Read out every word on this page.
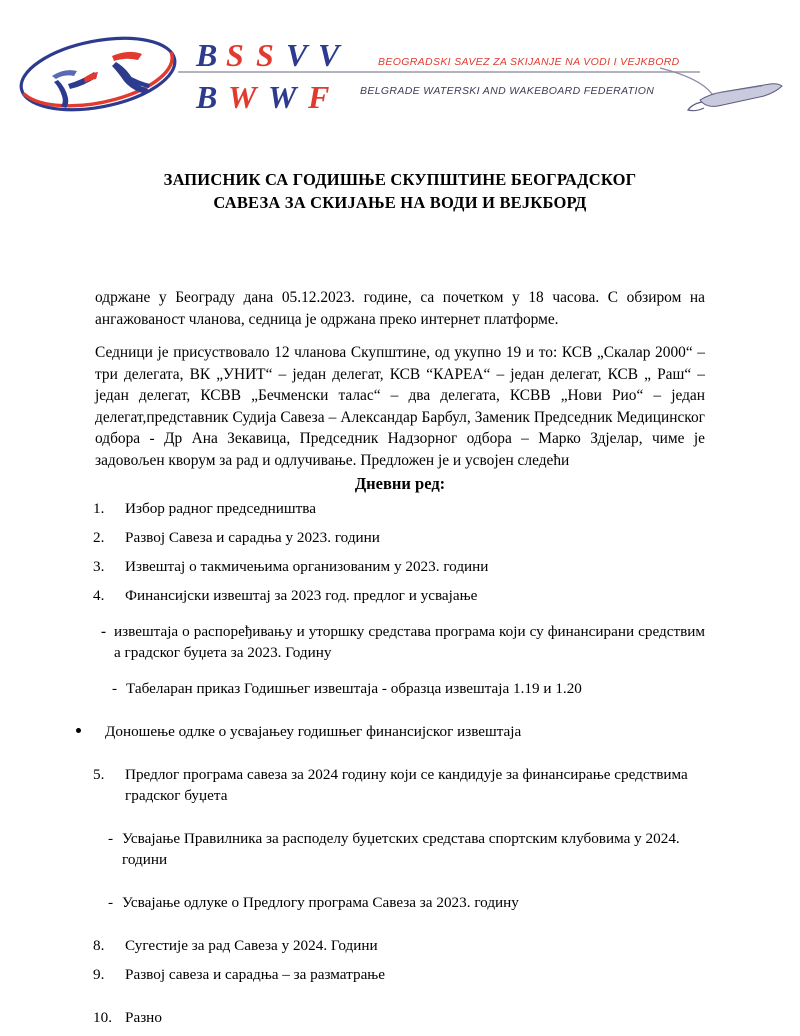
B S S V V
B W W F
BEOGRADSKI SAVEZ ZA SKIJANJE NA VODI I VEJKBORD
BELGRADE WATERSKI AND WAKEBOARD FEDERATION
ЗАПИСНИК СА ГОДИШЊЕ СКУПШТИНЕ БЕОГРАДСКОГ
САВЕЗА ЗА СКИЈАЊЕ НА ВОДИ И ВЕЈКБОРД

одржане у Београду дана 05.12.2023. године, са почетком у 18 часова. С обзиром на ангажованост чланова, седница је одржана преко интернет платформе.

Седници је присуствовало 12 чланова Скупштине, од укупно 19 и то: КСВ „Скалар 2000“ – три делегата, ВК „УНИТ“ – један делегат, КСВ “КАРЕА“ – један делегат, КСВ „ Раш“ – један делегат, КСВВ „Бечменски талас“ – два делегата, КСВВ „Нови Рио“ – један делегат,представник Судија Савеза – Александар Барбул, Заменик Председник Медицинског одбора - Др Ана Зекавица, Председник Надзорног одбора – Марко Здјелар, чиме је задовољен кворум за рад и одлучивање. Предложен је и усвојен следећи

Дневни ред:
1.	Избор радног председништва
2.	Развој Савеза и сарадња у 2023. години
3.	Извештај о такмичењима организованим у 2023. години
4.	Финансијски извештај за 2023 год. предлог и усвајање
- извештаја о распоређивању и уторшку средстава програма који су финансирани средствим а градског буџета за 2023. Годину
- Табеларан приказ Годишњег извештаја - образца извештаја 1.19 и 1.20
Доношење одлке о усвајањеу годишњег финансијског извештаја
5.	Предлог програма савеза за 2024 годину који се кандидује за финансирање средствима градског буџета
- Усвајање Правилника за расподелу буџетских средстава спортским клубовима у 2024. години
- Усвајање одлуке о Предлогу програма Савеза за 2023. годину
8.	Сугестије за рад Савеза у 2024. Години
9.	Развој савеза и сарадња – за разматрање
10. Разно
